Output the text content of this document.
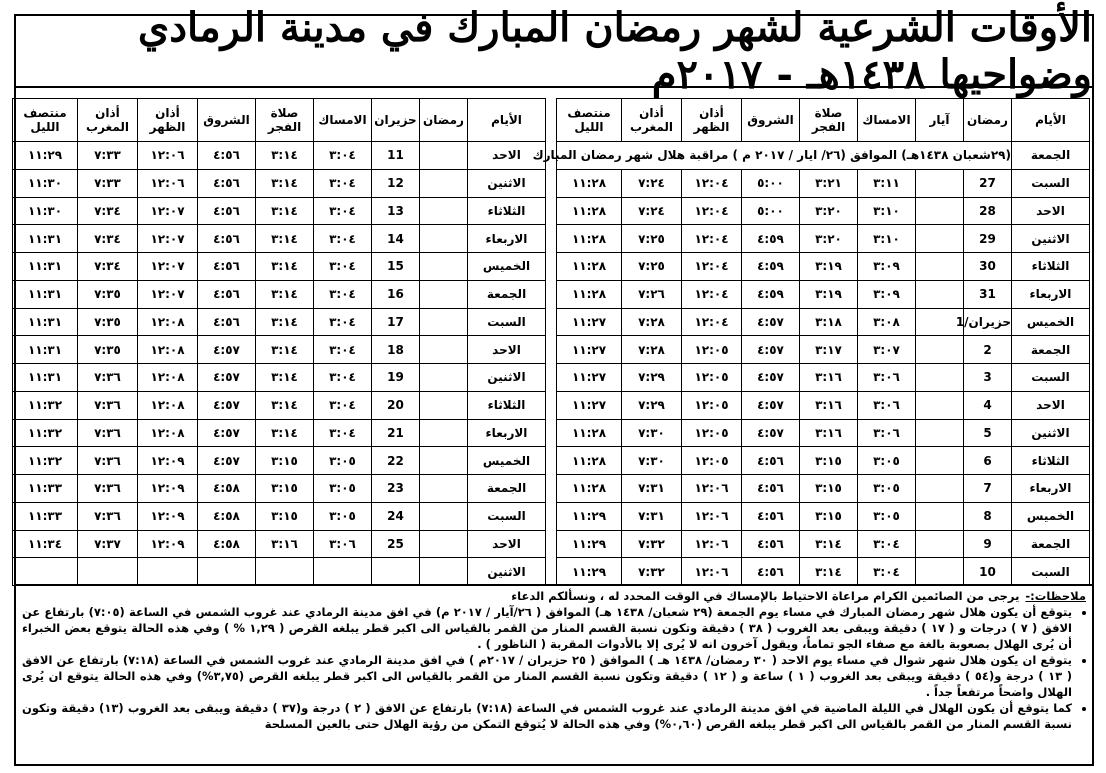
الأوقات الشرعية لشهر رمضان المبارك في مدينة الرمادي وضواحيها ١٤٣٨هـ - ٢٠١٧م
الأيام	رمضان	آيار	الامساك	صلاة الفجر	الشروق	أذان الظهر	أذان المغرب	منتصف الليل
الجمعة	(٢٩شعبان ١٤٣٨هـ) الموافق (٢٦/ ايار / ٢٠١٧ م ) مراقبة هلال شهر رمضان المبارك							
السبت	27		٣:١١	٣:٢١	٥:٠٠	١٢:٠٤	٧:٢٤	١١:٢٨
الاحد	28		٣:١٠	٣:٢٠	٥:٠٠	١٢:٠٤	٧:٢٤	١١:٢٨
الاثنين	29		٣:١٠	٣:٢٠	٤:٥٩	١٢:٠٤	٧:٢٥	١١:٢٨
الثلاثاء	30		٣:٠٩	٣:١٩	٤:٥٩	١٢:٠٤	٧:٢٥	١١:٢٨
الاربعاء	31		٣:٠٩	٣:١٩	٤:٥٩	١٢:٠٤	٧:٢٦	١١:٢٨
الخميس	حزيران/1		٣:٠٨	٣:١٨	٤:٥٧	١٢:٠٤	٧:٢٨	١١:٢٧
الجمعة	2		٣:٠٧	٣:١٧	٤:٥٧	١٢:٠٥	٧:٢٨	١١:٢٧
السبت	3		٣:٠٦	٣:١٦	٤:٥٧	١٢:٠٥	٧:٢٩	١١:٢٧
الاحد	4		٣:٠٦	٣:١٦	٤:٥٧	١٢:٠٥	٧:٢٩	١١:٢٧
الاثنين	5		٣:٠٦	٣:١٦	٤:٥٧	١٢:٠٥	٧:٣٠	١١:٢٨
الثلاثاء	6		٣:٠٥	٣:١٥	٤:٥٦	١٢:٠٥	٧:٣٠	١١:٢٨
الاربعاء	7		٣:٠٥	٣:١٥	٤:٥٦	١٢:٠٦	٧:٣١	١١:٢٨
الخميس	8		٣:٠٥	٣:١٥	٤:٥٦	١٢:٠٦	٧:٣١	١١:٢٩
الجمعة	9		٣:٠٤	٣:١٤	٤:٥٦	١٢:٠٦	٧:٣٢	١١:٢٩
السبت	10		٣:٠٤	٣:١٤	٤:٥٦	١٢:٠٦	٧:٣٢	١١:٢٩
الأيام	رمضان	حزيران	الامساك	صلاة الفجر	الشروق	أذان الظهر	أذان المغرب	منتصف الليل
الاحد		11	٣:٠٤	٣:١٤	٤:٥٦	١٢:٠٦	٧:٣٣	١١:٢٩
الاثنين		12	٣:٠٤	٣:١٤	٤:٥٦	١٢:٠٦	٧:٣٣	١١:٣٠
الثلاثاء		13	٣:٠٤	٣:١٤	٤:٥٦	١٢:٠٧	٧:٣٤	١١:٣٠
الاربعاء		14	٣:٠٤	٣:١٤	٤:٥٦	١٢:٠٧	٧:٣٤	١١:٣١
الخميس		15	٣:٠٤	٣:١٤	٤:٥٦	١٢:٠٧	٧:٣٤	١١:٣١
الجمعة		16	٣:٠٤	٣:١٤	٤:٥٦	١٢:٠٧	٧:٣٥	١١:٣١
السبت		17	٣:٠٤	٣:١٤	٤:٥٦	١٢:٠٨	٧:٣٥	١١:٣١
الاحد		18	٣:٠٤	٣:١٤	٤:٥٧	١٢:٠٨	٧:٣٥	١١:٣١
الاثنين		19	٣:٠٤	٣:١٤	٤:٥٧	١٢:٠٨	٧:٣٦	١١:٣١
الثلاثاء		20	٣:٠٤	٣:١٤	٤:٥٧	١٢:٠٨	٧:٣٦	١١:٣٢
الاربعاء		21	٣:٠٤	٣:١٤	٤:٥٧	١٢:٠٨	٧:٣٦	١١:٣٢
الخميس		22	٣:٠٥	٣:١٥	٤:٥٧	١٢:٠٩	٧:٣٦	١١:٣٢
الجمعة		23	٣:٠٥	٣:١٥	٤:٥٨	١٢:٠٩	٧:٣٦	١١:٣٣
السبت		24	٣:٠٥	٣:١٥	٤:٥٨	١٢:٠٩	٧:٣٦	١١:٣٣
الاحد		25	٣:٠٦	٣:١٦	٤:٥٨	١٢:٠٩	٧:٣٧	١١:٣٤
الاثنين								
ملاحظات:-
يرجى من الصائمين الكرام مراعاة الاحتياط بالإمساك في الوقت المحدد له ، ونسألكم الدعاء
• يتوقع أن يكون هلال شهر رمضان المبارك في مساء يوم الجمعة (٢٩ شعبان/ ١٤٣٨ هـ) الموافق ( ٢٦/آيار / ٢٠١٧ م) في افق مدينة الرمادي عند غروب الشمس في الساعة (٧:٠٥) بارتفاع عن الافق ( ٧ ) درجات و ( ١٧ ) دقيقة ويبقى بعد الغروب ( ٣٨ ) دقيقة وتكون نسبة القسم المنار من القمر بالقياس الى اكبر قطر يبلغه القرص ( ١,٢٩ % ) وفي هذه الحالة يتوقع بعض الخبراء أن يُرى الهلال بصعوبة بالغة مع صفاء الجو تماماً، ويقول آخرون انه لا يُرى إلا بالأدوات المقربة ( الناظور ) .
• يتوقع ان يكون هلال شهر شوال في مساء يوم الاحد ( ٣٠ رمضان/ ١٤٣٨ هـ ) الموافق ( ٢٥ حزيران / ٢٠١٧م ) في افق مدينة الرمادي عند غروب الشمس في الساعة (٧:١٨) بارتفاع عن الافق ( ١٣ ) درجة و(٥٤ ) دقيقة ويبقى بعد الغروب ( ١ ) ساعة و ( ١٢ ) دقيقة وتكون نسبة القسم المنار من القمر بالقياس الى اكبر قطر يبلغه القرص (٣,٧٥%) وفي هذه الحالة يتوقع ان يُرى الهلال واضحاً مرتفعاً جداً .
• كما يتوقع أن يكون الهلال في الليلة الماضية في افق مدينة الرمادي عند غروب الشمس في الساعة (٧:١٨) بارتفاع عن الافق ( ٢ ) درجة و(٣٧ ) دقيقة ويبقى بعد الغروب (١٣) دقيقة وتكون نسبة القسم المنار من القمر بالقياس الى اكبر قطر يبلغه القرص (٠,٦٠%) وفي هذه الحالة لا يُتوقع التمكن من رؤية الهلال حتى بالعين المسلحة
